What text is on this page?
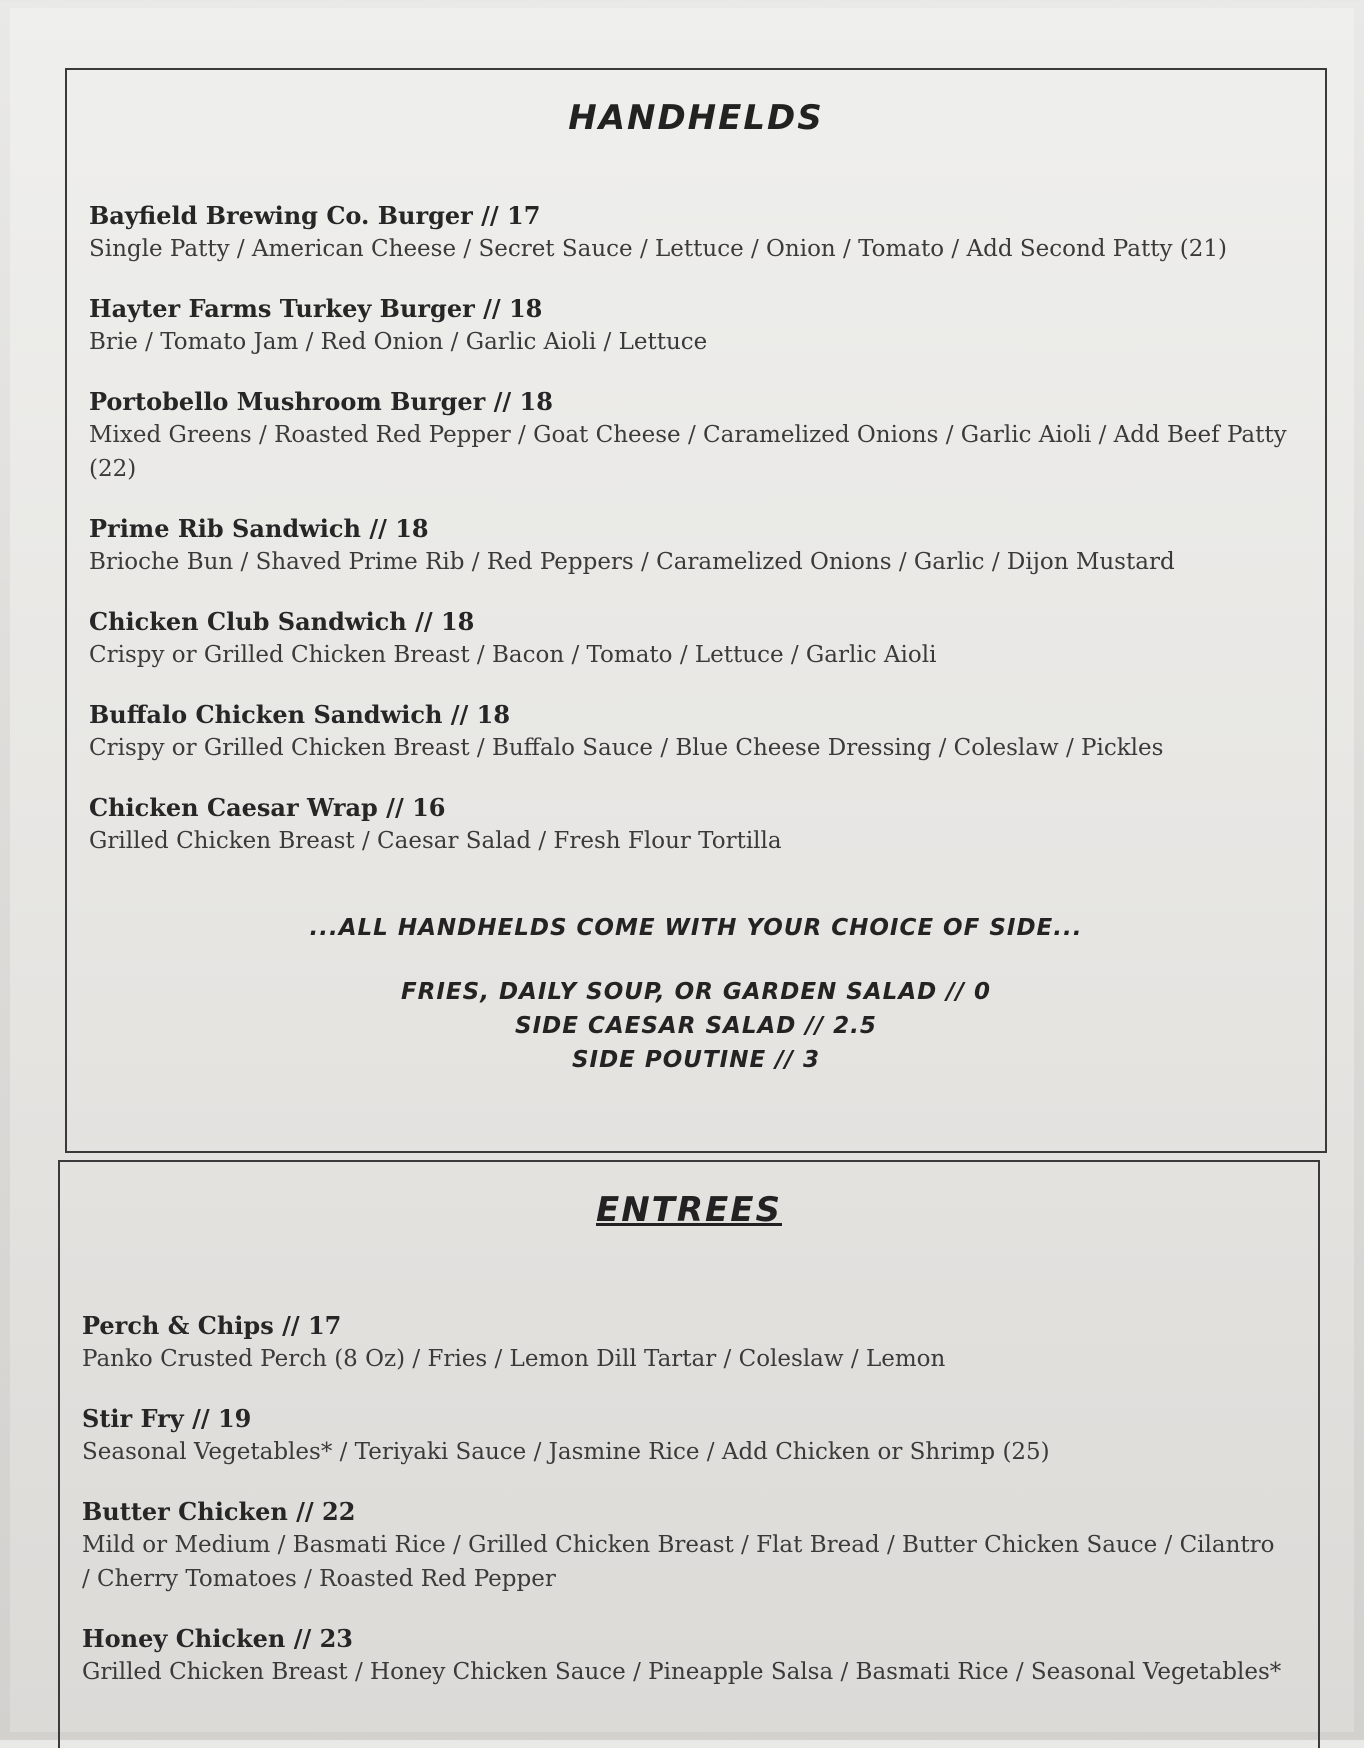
HANDHELDS
Bayfield Brewing Co. Burger // 17
Single Patty / American Cheese / Secret Sauce / Lettuce / Onion / Tomato / Add Second Patty (21)
Hayter Farms Turkey Burger // 18
Brie / Tomato Jam / Red Onion / Garlic Aioli / Lettuce
Portobello Mushroom Burger // 18
Mixed Greens / Roasted Red Pepper / Goat Cheese / Caramelized Onions / Garlic Aioli / Add Beef Patty (22)
Prime Rib Sandwich // 18
Brioche Bun / Shaved Prime Rib / Red Peppers / Caramelized Onions / Garlic / Dijon Mustard
Chicken Club Sandwich // 18
Crispy or Grilled Chicken Breast / Bacon / Tomato / Lettuce / Garlic Aioli
Buffalo Chicken Sandwich // 18
Crispy or Grilled Chicken Breast / Buffalo Sauce / Blue Cheese Dressing / Coleslaw / Pickles
Chicken Caesar Wrap // 16
Grilled Chicken Breast / Caesar Salad / Fresh Flour Tortilla
...ALL HANDHELDS COME WITH YOUR CHOICE OF SIDE...
FRIES, DAILY SOUP, OR GARDEN SALAD // 0
SIDE CAESAR SALAD // 2.5
SIDE POUTINE // 3
ENTREES
Perch & Chips // 17
Panko Crusted Perch (8 Oz) / Fries / Lemon Dill Tartar / Coleslaw / Lemon
Stir Fry // 19
Seasonal Vegetables* / Teriyaki Sauce / Jasmine Rice / Add Chicken or Shrimp (25)
Butter Chicken // 22
Mild or Medium / Basmati Rice / Grilled Chicken Breast / Flat Bread / Butter Chicken Sauce / Cilantro / Cherry Tomatoes / Roasted Red Pepper
Honey Chicken // 23
Grilled Chicken Breast / Honey Chicken Sauce / Pineapple Salsa / Basmati Rice / Seasonal Vegetables*
